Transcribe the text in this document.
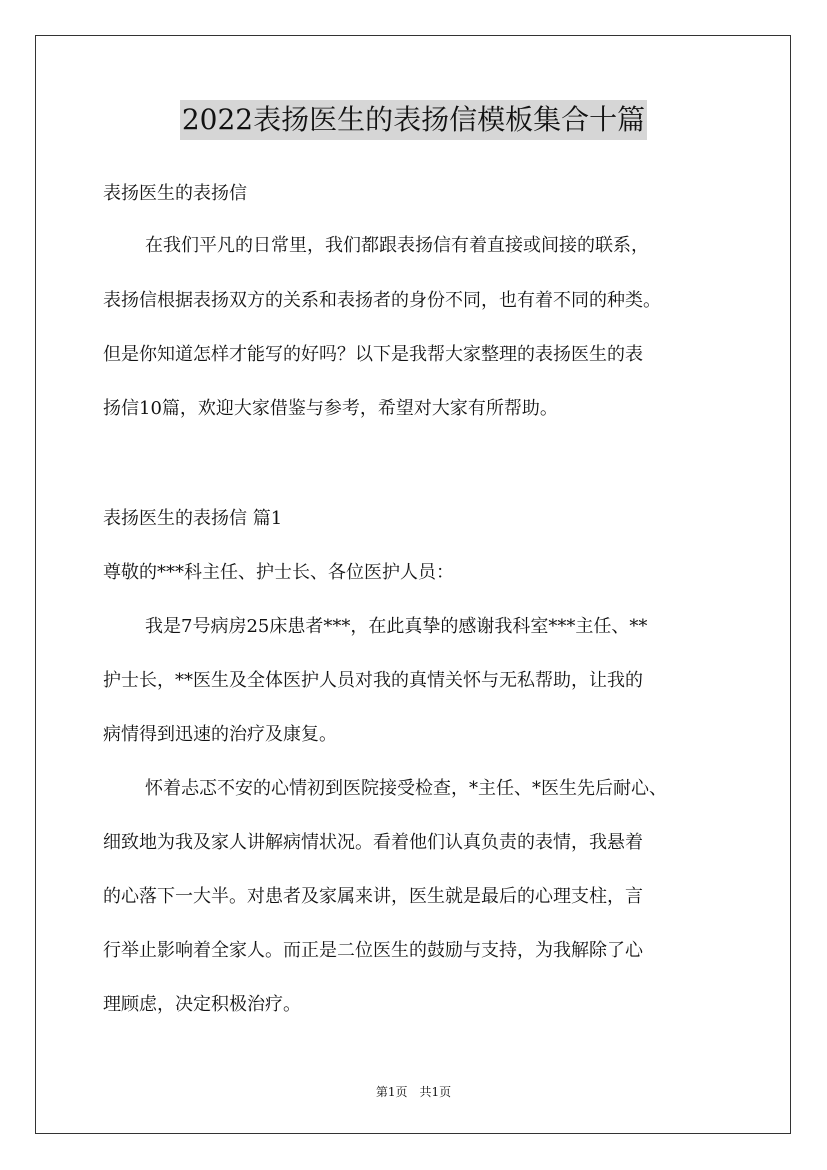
2022表扬医生的表扬信模板集合十篇
表扬医生的表扬信
在我们平凡的日常里，我们都跟表扬信有着直接或间接的联系，
表扬信根据表扬双方的关系和表扬者的身份不同，也有着不同的种类。
但是你知道怎样才能写的好吗？以下是我帮大家整理的表扬医生的表
扬信10篇，欢迎大家借鉴与参考，希望对大家有所帮助。
表扬医生的表扬信 篇1
尊敬的***科主任、护士长、各位医护人员：
我是7号病房25床患者***，在此真挚的感谢我科室***主任、**
护士长，**医生及全体医护人员对我的真情关怀与无私帮助，让我的
病情得到迅速的治疗及康复。
怀着忐忑不安的心情初到医院接受检查，*主任、*医生先后耐心、
细致地为我及家人讲解病情状况。看着他们认真负责的表情，我悬着
的心落下一大半。对患者及家属来讲，医生就是最后的心理支柱，言
行举止影响着全家人。而正是二位医生的鼓励与支持，为我解除了心
理顾虑，决定积极治疗。
第1页　共1页
